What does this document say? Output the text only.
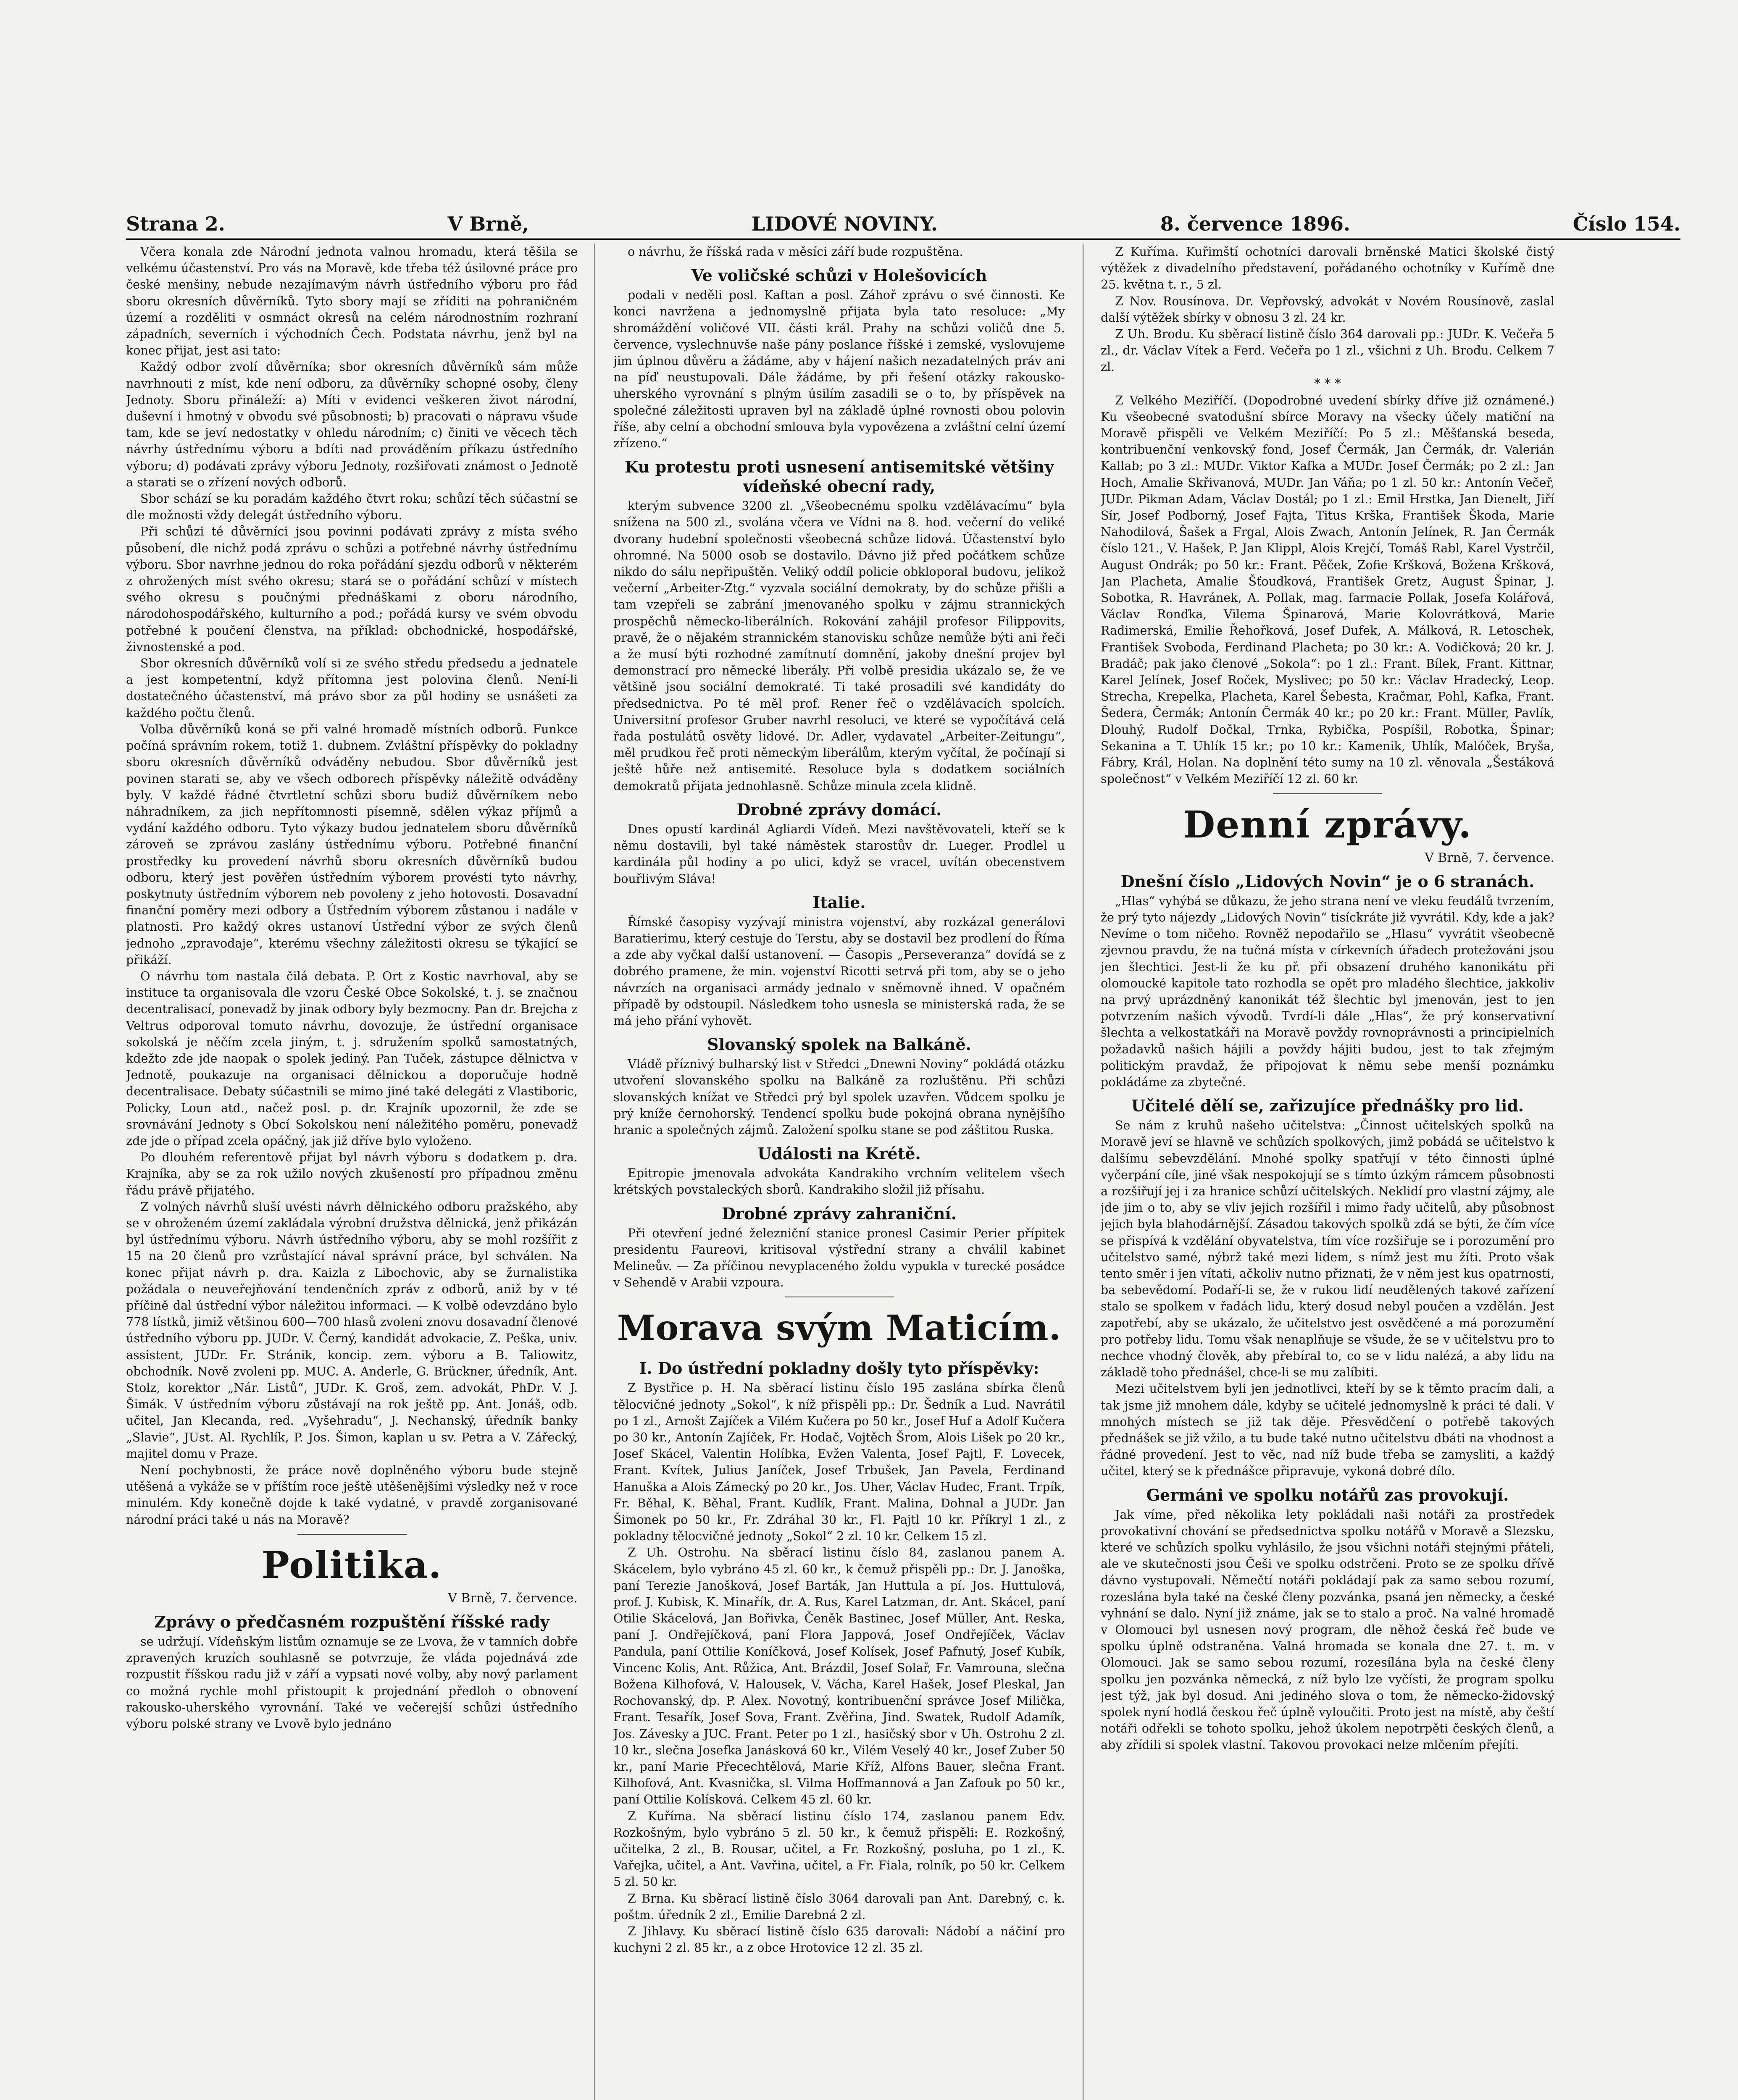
Strana 2.	V Brně,	LIDOVÉ NOVINY.	8. července 1896.	Číslo 154.

Včera konala zde Národní jednota valnou hromadu, která těšila se velkému účastenství. Pro vás na Moravě, kde třeba též úsilovné práce pro české menšiny, nebude nezajímavým návrh ústředního výboru pro řád sboru okresních důvěrníků. Tyto sbory mají se zříditi na pohraničném území a rozděliti v osmnáct okresů na celém národnostním rozhraní západních, severních i východních Čech. Podstata návrhu, jenž byl na konec přijat, jest asi tato:

Každý odbor zvolí důvěrníka; sbor okresních důvěrníků sám může navrhnouti z míst, kde není odboru, za důvěrníky schopné osoby, členy Jednoty. Sboru přináleží: a) Míti v evidenci veškeren život národní, duševní i hmotný v obvodu své působnosti; b) pracovati o nápravu všude tam, kde se jeví nedostatky v ohledu národním; c) činiti ve věcech těch návrhy ústřednímu výboru a bdíti nad prováděním příkazu ústředního výboru; d) podávati zprávy výboru Jednoty, rozšiřovati známost o Jednotě a starati se o zřízení nových odborů.

Sbor schází se ku poradám každého čtvrt roku; schůzí těch súčastní se dle možnosti vždy delegát ústředního výboru.

Při schůzi té důvěrníci jsou povinni podávati zprávy z místa svého působení, dle nichž podá zprávu o schůzi a potřebné návrhy ústřednímu výboru. Sbor navrhne jednou do roka pořádání sjezdu odborů v některém z ohrožených míst svého okresu; stará se o pořádání schůzí v místech svého okresu s poučnými přednáškami z oboru národního, národohospodářského, kulturního a pod.; pořádá kursy ve svém obvodu potřebné k poučení členstva, na příklad: obchodnické, hospodářské, živnostenské a pod.

Sbor okresních důvěrníků volí si ze svého středu předsedu a jednatele a jest kompetentní, když přítomna jest polovina členů. Není-li dostatečného účastenství, má právo sbor za půl hodiny se usnášeti za každého počtu členů.

Volba důvěrníků koná se při valné hromadě místních odborů. Funkce počíná správním rokem, totiž 1. dubnem. Zvláštní příspěvky do pokladny sboru okresních důvěrníků odváděny nebudou. Sbor důvěrníků jest povinen starati se, aby ve všech odborech příspěvky náležitě odváděny byly. V každé řádné čtvrtletní schůzi sboru budiž důvěrníkem nebo náhradníkem, za jich nepřítomnosti písemně, sdělen výkaz příjmů a vydání každého odboru. Tyto výkazy budou jednatelem sboru důvěrníků zároveň se zprávou zaslány ústřednímu výboru. Potřebné finanční prostředky ku provedení návrhů sboru okresních důvěrníků budou odboru, který jest pověřen ústředním výborem provésti tyto návrhy, poskytnuty ústředním výborem neb povoleny z jeho hotovosti. Dosavadní finanční poměry mezi odbory a Ústředním výborem zůstanou i nadále v platnosti. Pro každý okres ustanoví Ústřední výbor ze svých členů jednoho „zpravodaje“, kterému všechny záležitosti okresu se týkající se přikáží.

O návrhu tom nastala čilá debata. P. Ort z Kostic navrhoval, aby se instituce ta organisovala dle vzoru České Obce Sokolské, t. j. se značnou decentralisací, ponevadž by jinak odbory byly bezmocny. Pan dr. Brejcha z Veltrus odporoval tomuto návrhu, dovozuje, že ústřední organisace sokolská je něčím zcela jiným, t. j. sdružením spolků samostatných, kdežto zde jde naopak o spolek jediný. Pan Tuček, zástupce dělnictva v Jednotě, poukazuje na organisaci dělnickou a doporučuje hodně decentralisace. Debaty súčastnili se mimo jiné také delegáti z Vlastiboric, Policky, Loun atd., načež posl. p. dr. Krajník upozornil, že zde se srovnávání Jednoty s Obcí Sokolskou není náležitého poměru, ponevadž zde jde o případ zcela opáčný, jak již dříve bylo vyloženo.

Po dlouhém referentově přijat byl návrh výboru s dodatkem p. dra. Krajníka, aby se za rok užilo nových zkušeností pro případnou změnu řádu právě přijatého.

Z volných návrhů sluší uvésti návrh dělnického odboru pražského, aby se v ohroženém území zakládala výrobní družstva dělnická, jenž přikázán byl ústřednímu výboru. Návrh ústředního výboru, aby se mohl rozšířit z 15 na 20 členů pro vzrůstající nával správní práce, byl schválen. Na konec přijat návrh p. dra. Kaizla z Libochovic, aby se žurnalistika požádala o neuveřejňování tendenčních zpráv z odborů, aniž by v té příčině dal ústřední výbor náležitou informaci. — K volbě odevzdáno bylo 778 lístků, jimiž většinou 600—700 hlasů zvoleni znovu dosavadní členové ústředního výboru pp. JUDr. V. Černý, kandidát advokacie, Z. Peška, univ. assistent, JUDr. Fr. Stránik, koncip. zem. výboru a B. Taliowitz, obchodník. Nově zvoleni pp. MUC. A. Anderle, G. Brückner, úředník, Ant. Stolz, korektor „Nár. Listů“, JUDr. K. Groš, zem. advokát, PhDr. V. J. Šimák. V ústředním výboru zůstávají na rok ještě pp. Ant. Jonáš, odb. učitel, Jan Klecanda, red. „Vyšehradu“, J. Nechanský, úředník banky „Slavie“, JUst. Al. Rychlík, P. Jos. Šimon, kaplan u sv. Petra a V. Zářecký, majitel domu v Praze.

Není pochybnosti, že práce nově doplněného výboru bude stejně utěšená a vykáže se v příštím roce ještě utěšenějšími výsledky než v roce minulém. Kdy konečně dojde k také vydatné, v pravdě zorganisované národní práci také u nás na Moravě?

Politika.
V Brně, 7. července.
Zprávy o předčasném rozpuštění říšské rady

se udržují. Vídeňským listům oznamuje se ze Lvova, že v tamních dobře zpravených kruzích souhlasně se potvrzuje, že vláda pojednává zde rozpustit říšskou radu již v září a vypsati nové volby, aby nový parlament co možná rychle mohl přistoupit k projednání předloh o obnovení rakousko-uherského vyrovnání. Také ve večerejší schůzi ústředního výboru polské strany ve Lvově bylo jednáno

o návrhu, že říšská rada v měsíci září bude rozpuštěna.

Ve voličské schůzi v Holešovicích

podali v neděli posl. Kaftan a posl. Záhoř zprávu o své činnosti. Ke konci navržena a jednomyslně přijata byla tato resoluce: „My shromáždění voličové VII. části král. Prahy na schůzi voličů dne 5. července, vyslechnuvše naše pány poslance říšské i zemské, vyslovujeme jim úplnou důvěru a žádáme, aby v hájení našich nezadatelných práv ani na píď neustupovali. Dále žádáme, by při řešení otázky rakousko-uherského vyrovnání s plným úsilím zasadili se o to, by příspěvek na společné záležitosti upraven byl na základě úplné rovnosti obou polovin říše, aby celní a obchodní smlouva byla vypovězena a zvláštní celní území zřízeno.“

Ku protestu proti usnesení antisemitské většiny vídeňské obecní rady,

kterým subvence 3200 zl. „Všeobecnému spolku vzdělávacímu“ byla snížena na 500 zl., svolána včera ve Vídni na 8. hod. večerní do veliké dvorany hudební společnosti všeobecná schůze lidová. Účastenství bylo ohromné. Na 5000 osob se dostavilo. Dávno již před počátkem schůze nikdo do sálu nepřipuštěn. Veliký oddíl policie obkloporal budovu, jelikož večerní „Arbeiter-Ztg.“ vyzvala sociální demokraty, by do schůze přišli a tam vzepřeli se zabrání jmenovaného spolku v zájmu strannických prospěchů německo-liberálních. Rokování zahájil profesor Filippovits, pravě, že o nějakém strannickém stanovisku schůze nemůže býti ani řeči a že musí býti rozhodné zamítnutí domnění, jakoby dnešní projev byl demonstrací pro německé liberály. Při volbě presidia ukázalo se, že ve většině jsou sociální demokraté. Ti také prosadili své kandidáty do předsednictva. Po té měl prof. Rener řeč o vzdělávacích spolcích. Universitní profesor Gruber navrhl resoluci, ve které se vypočítává celá řada postulátů osvěty lidové. Dr. Adler, vydavatel „Arbeiter-Zeitungu“, měl prudkou řeč proti německým liberálům, kterým vyčítal, že počínají si ještě hůře než antisemité. Resoluce byla s dodatkem sociálních demokratů přijata jednohlasně. Schůze minula zcela klidně.

Drobné zprávy domácí.

Dnes opustí kardinál Agliardi Vídeň. Mezi navštěvovateli, kteří se k němu dostavili, byl také náměstek starostův dr. Lueger. Prodlel u kardinála půl hodiny a po ulici, když se vracel, uvítán obecenstvem bouřlivým Sláva!

Italie.

Římské časopisy vyzývají ministra vojenství, aby rozkázal generálovi Baratierimu, který cestuje do Terstu, aby se dostavil bez prodlení do Říma a zde aby vyčkal další ustanovení. — Časopis „Perseveranza“ dovídá se z dobrého pramene, že min. vojenství Ricotti setrvá při tom, aby se o jeho návrzích na organisaci armády jednalo v sněmovně ihned. V opačném případě by odstoupil. Následkem toho usnesla se ministerská rada, že se má jeho přání vyhovět.

Slovanský spolek na Balkáně.

Vládě příznivý bulharský list v Středci „Dnewni Noviny“ pokládá otázku utvoření slovanského spolku na Balkáně za rozluštěnu. Při schůzi slovanských knížat ve Středci prý byl spolek uzavřen. Vůdcem spolku je prý kníže černohorský. Tendencí spolku bude pokojná obrana nynějšího hranic a společných zájmů. Založení spolku stane se pod záštitou Ruska.

Události na Krétě.

Epitropie jmenovala advokáta Kandrakiho vrchním velitelem všech krétských povstaleckých sborů. Kandrakiho složil již přísahu.

Drobné zprávy zahraniční.

Při otevření jedné železniční stanice pronesl Casimir Perier přípitek presidentu Faureovi, kritisoval výstřední strany a chválil kabinet Melineův. — Za příčinou nevyplaceného žoldu vypukla v turecké posádce v Sehendě v Arabii vzpoura.

Morava svým Maticím.
I. Do ústřední pokladny došly tyto příspěvky:

Z Bystřice p. H. Na sběrací listinu číslo 195 zaslána sbírka členů tělocvičné jednoty „Sokol“, k níž přispěli pp.: Dr. Šedník a Lud. Navrátil po 1 zl., Arnošt Zajíček a Vilém Kučera po 50 kr., Josef Huf a Adolf Kučera po 30 kr., Antonín Zajíček, Fr. Hodač, Vojtěch Šrom, Alois Lišek po 20 kr., Josef Skácel, Valentin Holíbka, Evžen Valenta, Josef Pajtl, F. Lovecek, Frant. Kvítek, Julius Janíček, Josef Trbušek, Jan Pavela, Ferdinand Hanuška a Alois Zámecký po 20 kr., Jos. Uher, Václav Hudec, Frant. Trpík, Fr. Běhal, K. Běhal, Frant. Kudlík, Frant. Malina, Dohnal a JUDr. Jan Šimonek po 50 kr., Fr. Zdráhal 30 kr., Fl. Pajtl 10 kr. Příkryl 1 zl., z pokladny tělocvičné jednoty „Sokol“ 2 zl. 10 kr. Celkem 15 zl.

Z Uh. Ostrohu. Na sběrací listinu číslo 84, zaslanou panem A. Skácelem, bylo vybráno 45 zl. 60 kr., k čemuž přispěli pp.: Dr. J. Janoška, paní Terezie Janošková, Josef Barták, Jan Huttula a pí. Jos. Huttulová, prof. J. Kubisk, K. Minařík, dr. A. Rus, Karel Latzman, dr. Ant. Skácel, paní Otilie Skácelová, Jan Bořivka, Čeněk Bastinec, Josef Müller, Ant. Reska, paní J. Ondřejíčková, paní Flora Jappová, Josef Ondřejíček, Václav Pandula, paní Ottilie Koníčková, Josef Kolísek, Josef Pafnutý, Josef Kubík, Vincenc Kolis, Ant. Růžica, Ant. Brázdil, Josef Solař, Fr. Vamrouna, slečna Božena Kilhofová, V. Halousek, V. Vácha, Karel Hašek, Josef Pleskal, Jan Rochovanský, dp. P. Alex. Novotný, kontribuenční správce Josef Milička, Frant. Tesařík, Josef Sova, Frant. Zvěřina, Jind. Swatek, Rudolf Adamík, Jos. Závesky a JUC. Frant. Peter po 1 zl., hasičský sbor v Uh. Ostrohu 2 zl. 10 kr., slečna Josefka Janásková 60 kr., Vilém Veselý 40 kr., Josef Zuber 50 kr., paní Marie Přecechtělová, Marie Kříž, Alfons Bauer, slečna Frant. Kilhofová, Ant. Kvasnička, sl. Vilma Hoffmannová a Jan Zafouk po 50 kr., paní Ottilie Kolísková. Celkem 45 zl. 60 kr.

Z Kuřímа. Na sběrací listinu číslo 174, zaslanou panem Edv. Rozkošným, bylo vybráno 5 zl. 50 kr., k čemuž přispěli: E. Rozkošný, učitelka, 2 zl., B. Rousar, učitel, a Fr. Rozkošný, posluha, po 1 zl., K. Vařejka, učitel, a Ant. Vavřina, učitel, a Fr. Fiala, rolník, po 50 kr. Celkem 5 zl. 50 kr.

Z Brna. Ku sběrací listině číslo 3064 darovali pan Ant. Darebný, c. k. poštm. úředník 2 zl., Emilie Darebná 2 zl.

Z Jihlavy. Ku sběrací listině číslo 635 darovali: Nádobí a náčiní pro kuchyni 2 zl. 85 kr., a z obce Hrotovice 12 zl. 35 zl.

Z Kuřímа. Kuřimští ochotníci darovali brněnské Matici školské čistý výtěžek z divadelního představení, pořádaného ochotníky v Kuřímě dne 25. května t. r., 5 zl.

Z Nov. Rousínova. Dr. Vepřovský, advokát v Novém Rousínově, zaslal další výtěžek sbírky v obnosu 3 zl. 24 kr.

Z Uh. Brodu. Ku sběrací listině číslo 364 darovali pp.: JUDr. K. Večeřa 5 zl., dr. Václav Vítek a Ferd. Večeřa po 1 zl., všichni z Uh. Brodu. Celkem 7 zl.

* * *

Z Velkého Meziříčí. (Dopodrobné uvedení sbírky dříve již oznámené.) Ku všeobecné svatodušní sbírce Moravy na všecky účely matiční na Moravě přispěli ve Velkém Meziříčí: Po 5 zl.: Měšťanská beseda, kontribuenční venkovský fond, Josef Čermák, Jan Čermák, dr. Valerián Kallab; po 3 zl.: MUDr. Viktor Kafka a MUDr. Josef Čermák; po 2 zl.: Jan Hoch, Amalie Skřivanová, MUDr. Jan Váňa; po 1 zl. 50 kr.: Antonín Večeř, JUDr. Pikman Adam, Václav Dostál; po 1 zl.: Emil Hrstka, Jan Dienelt, Jiří Sír, Josef Podborný, Josef Fajta, Titus Krška, František Škoda, Marie Nahodilová, Šašek a Frgal, Alois Zwach, Antonín Jelínek, R. Jan Čermák číslo 121., V. Hašek, P. Jan Klippl, Alois Krejčí, Tomáš Rabl, Karel Vystrčil, August Ondrák; po 50 kr.: Frant. Pěček, Zofie Kršková, Božena Kršková, Jan Placheta, Amalie Šťoudková, František Gretz, August Špinar, J. Sobotka, R. Havránek, A. Pollak, mag. farmacie Pollak, Josefa Kolářová, Václav Ronďka, Vilema Špinarová, Marie Kolovrátková, Marie Radimerská, Emilie Řehořková, Josef Dufek, A. Málková, R. Letoschek, František Svoboda, Ferdinand Placheta; po 30 kr.: A. Vodičková; 20 kr. J. Bradáč; pak jako členové „Sokola“: po 1 zl.: Frant. Bílek, Frant. Kittnar, Karel Jelínek, Josef Roček, Myslivec; po 50 kr.: Václav Hradecký, Leop. Strecha, Krepelka, Placheta, Karel Šebesta, Kračmar, Pohl, Kafka, Frant. Šedera, Čermák; Antonín Čermák 40 kr.; po 20 kr.: Frant. Müller, Pavlík, Dlouhý, Rudolf Dočkal, Trnka, Rybička, Pospíšil, Robotka, Špinar; Sekanina a T. Uhlík 15 kr.; po 10 kr.: Kamenik, Uhlík, Malóček, Bryša, Fábry, Král, Holan. Na doplnění této sumy na 10 zl. věnovala „Šestáková společnost“ v Velkém Meziříčí 12 zl. 60 kr.

Denní zprávy.
V Brně, 7. července.
Dnešní číslo „Lidových Novin“ je o 6 stranách.

„Hlas“ vyhýbá se důkazu, že jeho strana není ve vleku feudálů tvrzením, že prý tyto nájezdy „Lidových Novin“ tisíckráte již vyvrátil. Kdy, kde a jak? Nevíme o tom ničeho. Rovněž nepodařilo se „Hlasu“ vyvrátit všeobecně zjevnou pravdu, že na tučná místa v církevních úřadech protežováni jsou jen šlechtici. Jest-li že ku př. při obsazení druhého kanonikátu při olomoucké kapitole tato rozhodla se opět pro mladého šlechtice, jakkoliv na prvý uprázdněný kanonikát též šlechtic byl jmenován, jest to jen potvrzením našich vývodů. Tvrdí-li dále „Hlas“, že prý konservativní šlechta a velkostatkáři na Moravě povždy rovnoprávnosti a principielních požadavků našich hájili a povždy hájiti budou, jest to tak zřejmým politickým pravdaž, že připojovat k němu sebe menší poznámku pokládáme za zbytečné.

Učitelé dělí se, zařizujíce přednášky pro lid.

Se nám z kruhů našeho učitelstva: „Činnost učitelských spolků na Moravě jeví se hlavně ve schůzích spolkových, jimž pobádá se učitelstvo k dalšímu sebevzdělání. Mnohé spolky spatřují v této činnosti úplné vyčerpání cíle, jiné však nespokojují se s tímto úzkým rámcem působnosti a rozšiřují jej i za hranice schůzí učitelských. Neklidí pro vlastní zájmy, ale jde jim o to, aby se vliv jejich rozšířil i mimo řady učitelů, aby působnost jejich byla blahodárnější. Zásadou takových spolků zdá se býti, že čím více se přispívá k vzdělání obyvatelstva, tím více rozšiřuje se i porozumění pro učitelstvo samé, nýbrž také mezi lidem, s nímž jest mu žíti. Proto však tento směr i jen vítati, ačkoliv nutno přiznati, že v něm jest kus opatrnosti, ba sebevědomí. Podaří-li se, že v rukou lidí neudělených takové zařízení stalo se spolkem v řadách lidu, který dosud nebyl poučen a vzdělán. Jest zapotřebí, aby se ukázalo, že učitelstvo jest osvědčené a má porozumění pro potřeby lidu. Tomu však nenaplňuje se všude, že se v učitelstvu pro to nechce vhodný člověk, aby přebíral to, co se v lidu nalézá, a aby lidu na základě toho přednášel, chce-li se mu zalíbiti.

Mezi učitelstvem byli jen jednotlivci, kteří by se k těmto pracím dali, a tak jsme již mnohem dále, kdyby se učitelé jednomyslně k práci té dali. V mnohých místech se již tak děje. Přesvědčení o potřebě takových přednášek se již vžilo, a tu bude také nutno učitelstvu dbáti na vhodnost a řádné provedení. Jest to věc, nad níž bude třeba se zamysliti, a každý učitel, který se k přednášce připravuje, vykoná dobré dílo.

Germáni ve spolku notářů zas provokují.

Jak víme, před několika lety pokládali naši notáři za prostředek provokativní chování se předsednictva spolku notářů v Moravě a Slezsku, které ve schůzích spolku vyhlásilo, že jsou všichni notáři stejnými přáteli, ale ve skutečnosti jsou Češi ve spolku odstrčeni. Proto se ze spolku dřívě dávno vystupovali. Němečtí notáři pokládají pak za samo sebou rozumí, rozeslána byla také na české členy pozvánka, psaná jen německy, a české vyhnání se dalo. Nyní již známe, jak se to stalo a proč. Na valné hromadě v Olomouci byl usnesen nový program, dle něhož česká řeč bude ve spolku úplně odstraněna. Valná hromada se konala dne 27. t. m. v Olomouci. Jak se samo sebou rozumí, rozesílána byla na české členy spolku jen pozvánka německá, z níž bylo lze vyčísti, že program spolku jest týž, jak byl dosud. Ani jediného slova o tom, že německo-židovský spolek nyní hodlá českou řeč úplně vyloučiti. Proto jest na místě, aby čeští notáři odřekli se tohoto spolku, jehož úkolem nepotrpěti českých členů, a aby zřídili si spolek vlastní. Takovou provokaci nelze mlčením přejíti.
